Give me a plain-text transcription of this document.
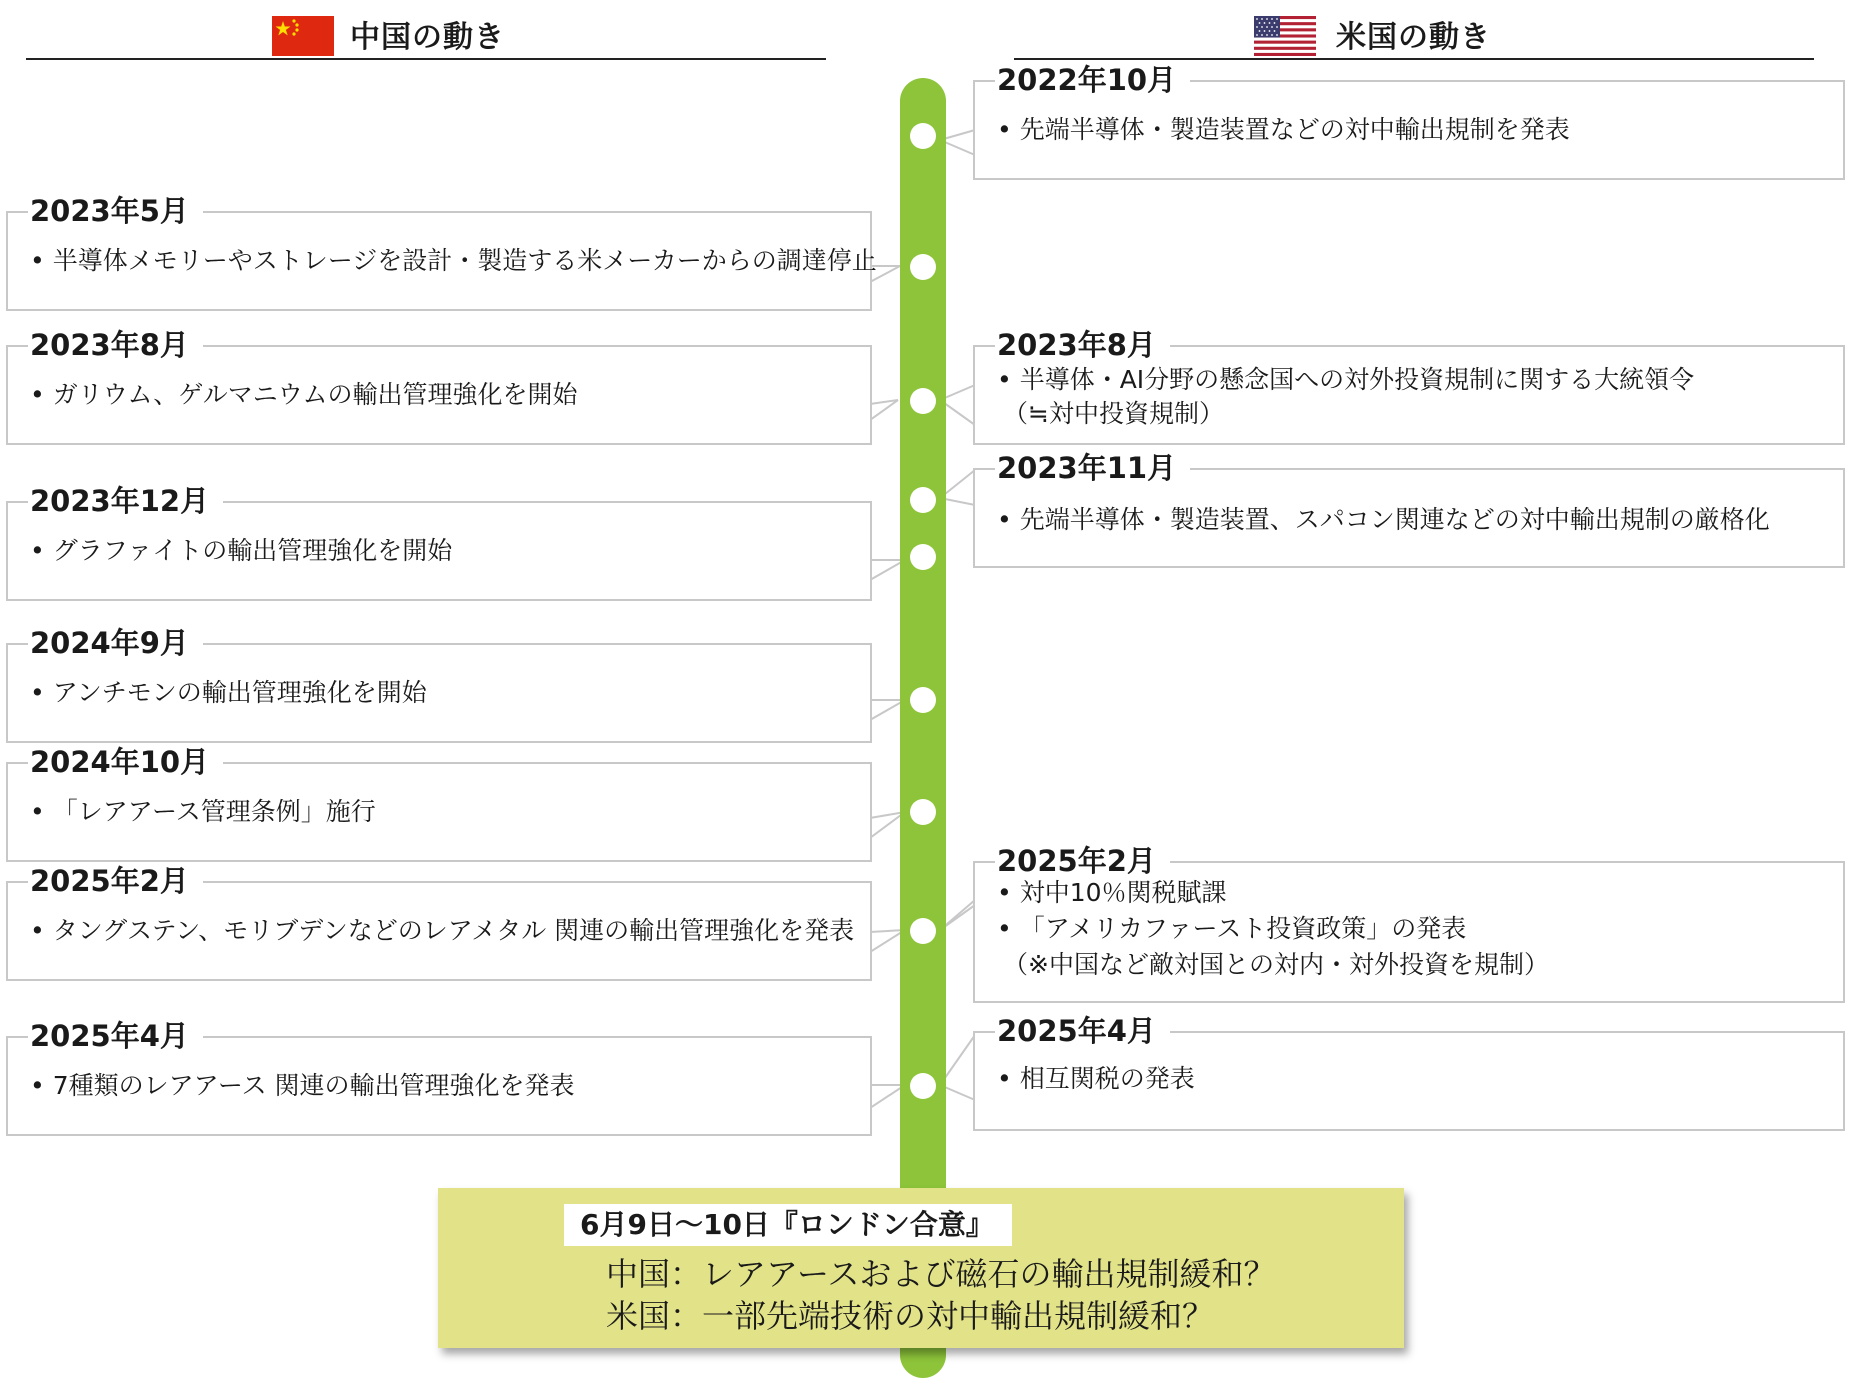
中国の動き	米国の動き
2023年5月
• 半導体メモリーやストレージを設計・製造する米メーカーからの調達停止
2023年8月
• ガリウム、ゲルマニウムの輸出管理強化を開始
2023年12月
• グラファイトの輸出管理強化を開始
2024年9月
• アンチモンの輸出管理強化を開始
2024年10月
• 「レアアース管理条例」施行
2025年2月
• タングステン、モリブデンなどのレアメタル 関連の輸出管理強化を発表
2025年4月
• 7種類のレアアース 関連の輸出管理強化を発表
2022年10月
• 先端半導体・製造装置などの対中輸出規制を発表
2023年8月
• 半導体・AI分野の懸念国への対外投資規制に関する大統領令
（≒対中投資規制）
2023年11月
• 先端半導体・製造装置、スパコン関連などの対中輸出規制の厳格化
2025年2月
• 対中10％関税賦課
• 「アメリカファースト投資政策」の発表
（※中国など敵対国との対内・対外投資を規制）
2025年4月
• 相互関税の発表
6月9日～10日『ロンドン合意』
中国：レアアースおよび磁石の輸出規制緩和？
米国：一部先端技術の対中輸出規制緩和？
